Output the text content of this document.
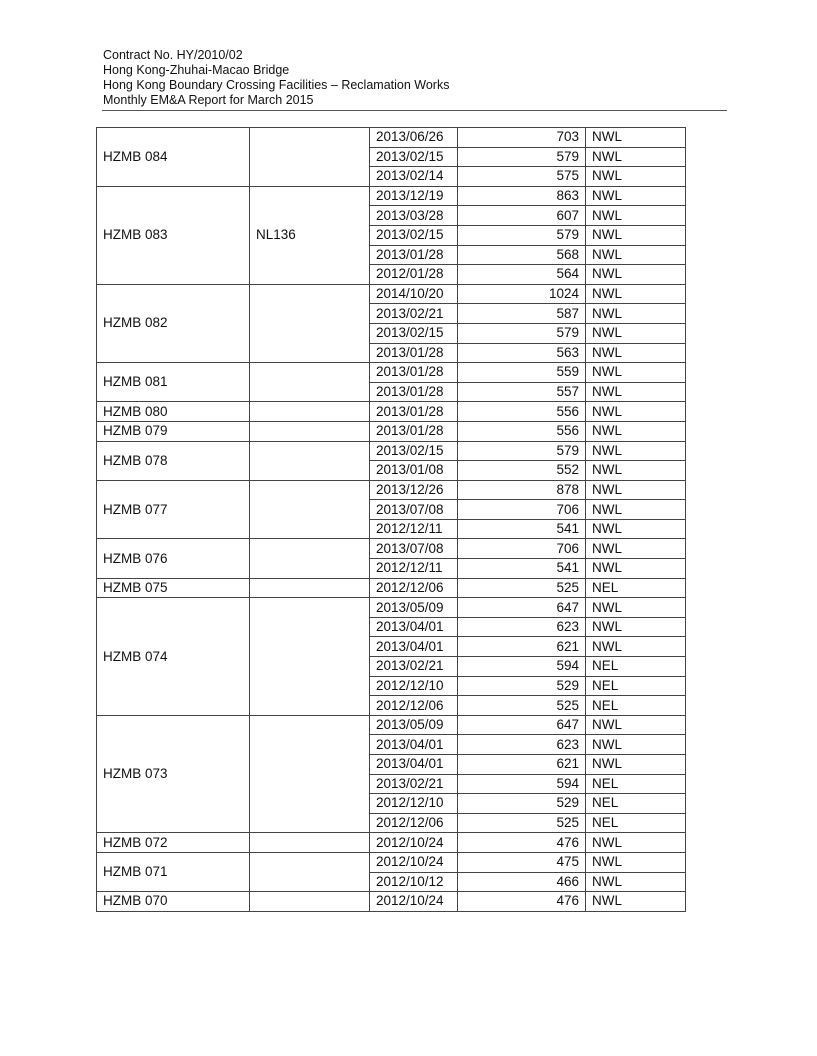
Contract No. HY/2010/02
Hong Kong-Zhuhai-Macao Bridge
Hong Kong Boundary Crossing Facilities – Reclamation Works
Monthly EM&A Report for March 2015
HZMB 084		2013/06/26	703	NWL
		2013/02/15	579	NWL
		2013/02/14	575	NWL
HZMB 083	NL136	2013/12/19	863	NWL
		2013/03/28	607	NWL
		2013/02/15	579	NWL
		2013/01/28	568	NWL
		2012/01/28	564	NWL
HZMB 082		2014/10/20	1024	NWL
		2013/02/21	587	NWL
		2013/02/15	579	NWL
		2013/01/28	563	NWL
HZMB 081		2013/01/28	559	NWL
		2013/01/28	557	NWL
HZMB 080		2013/01/28	556	NWL
HZMB 079		2013/01/28	556	NWL
HZMB 078		2013/02/15	579	NWL
		2013/01/08	552	NWL
HZMB 077		2013/12/26	878	NWL
		2013/07/08	706	NWL
		2012/12/11	541	NWL
HZMB 076		2013/07/08	706	NWL
		2012/12/11	541	NWL
HZMB 075		2012/12/06	525	NEL
HZMB 074		2013/05/09	647	NWL
		2013/04/01	623	NWL
		2013/04/01	621	NWL
		2013/02/21	594	NEL
		2012/12/10	529	NEL
		2012/12/06	525	NEL
HZMB 073		2013/05/09	647	NWL
		2013/04/01	623	NWL
		2013/04/01	621	NWL
		2013/02/21	594	NEL
		2012/12/10	529	NEL
		2012/12/06	525	NEL
HZMB 072		2012/10/24	476	NWL
HZMB 071		2012/10/24	475	NWL
		2012/10/12	466	NWL
HZMB 070		2012/10/24	476	NWL
